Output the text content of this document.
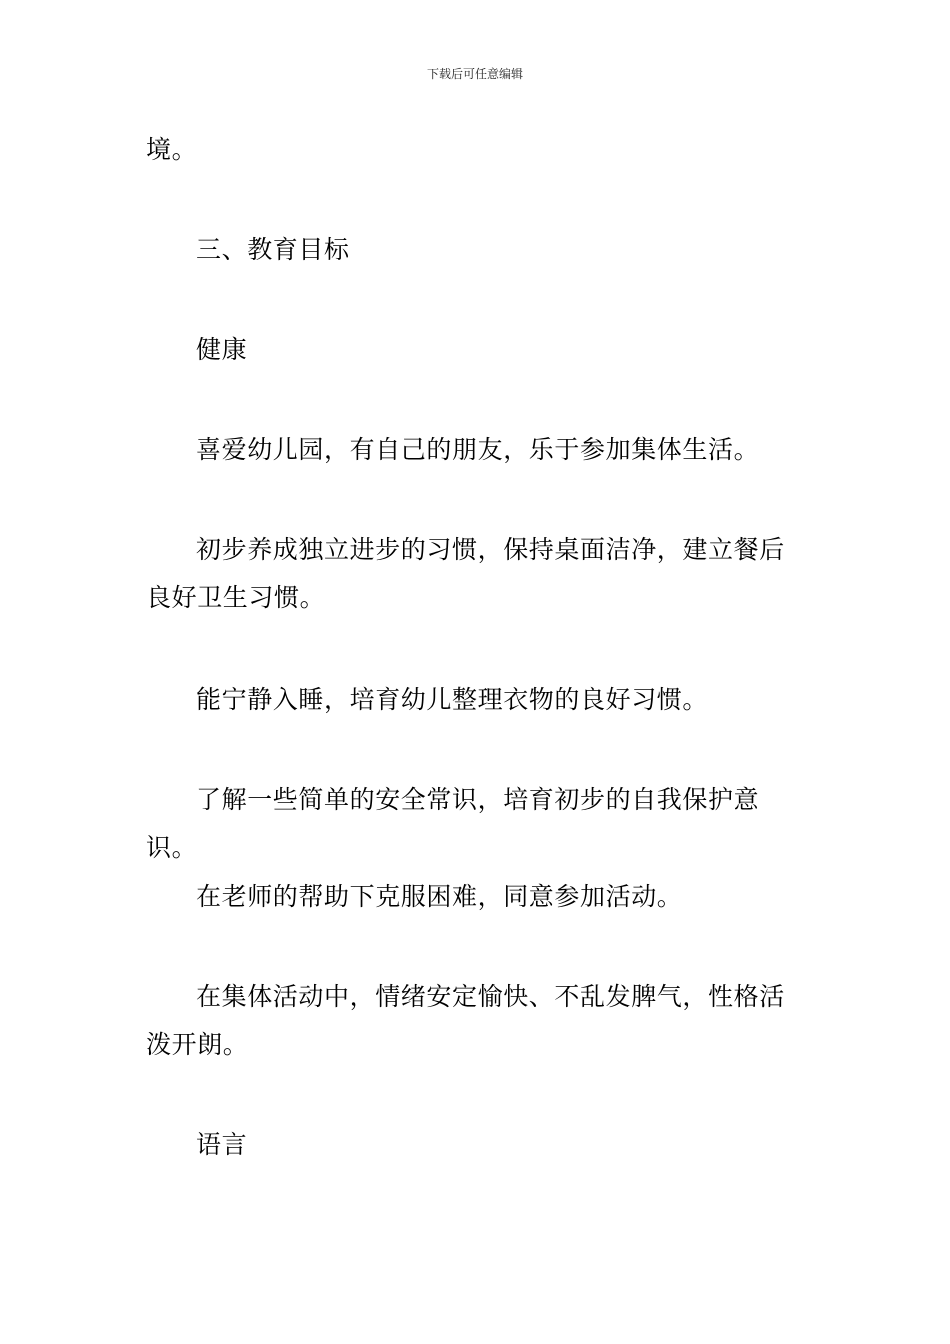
下载后可任意编辑

境。

三、教育目标

健康

喜爱幼儿园，有自己的朋友，乐于参加集体生活。

初步养成独立进步的习惯，保持桌面洁净，建立餐后良好卫生习惯。

能宁静入睡，培育幼儿整理衣物的良好习惯。

了解一些简单的安全常识，培育初步的自我保护意识。

在老师的帮助下克服困难，同意参加活动。

在集体活动中，情绪安定愉快、不乱发脾气，性格活泼开朗。

语言
